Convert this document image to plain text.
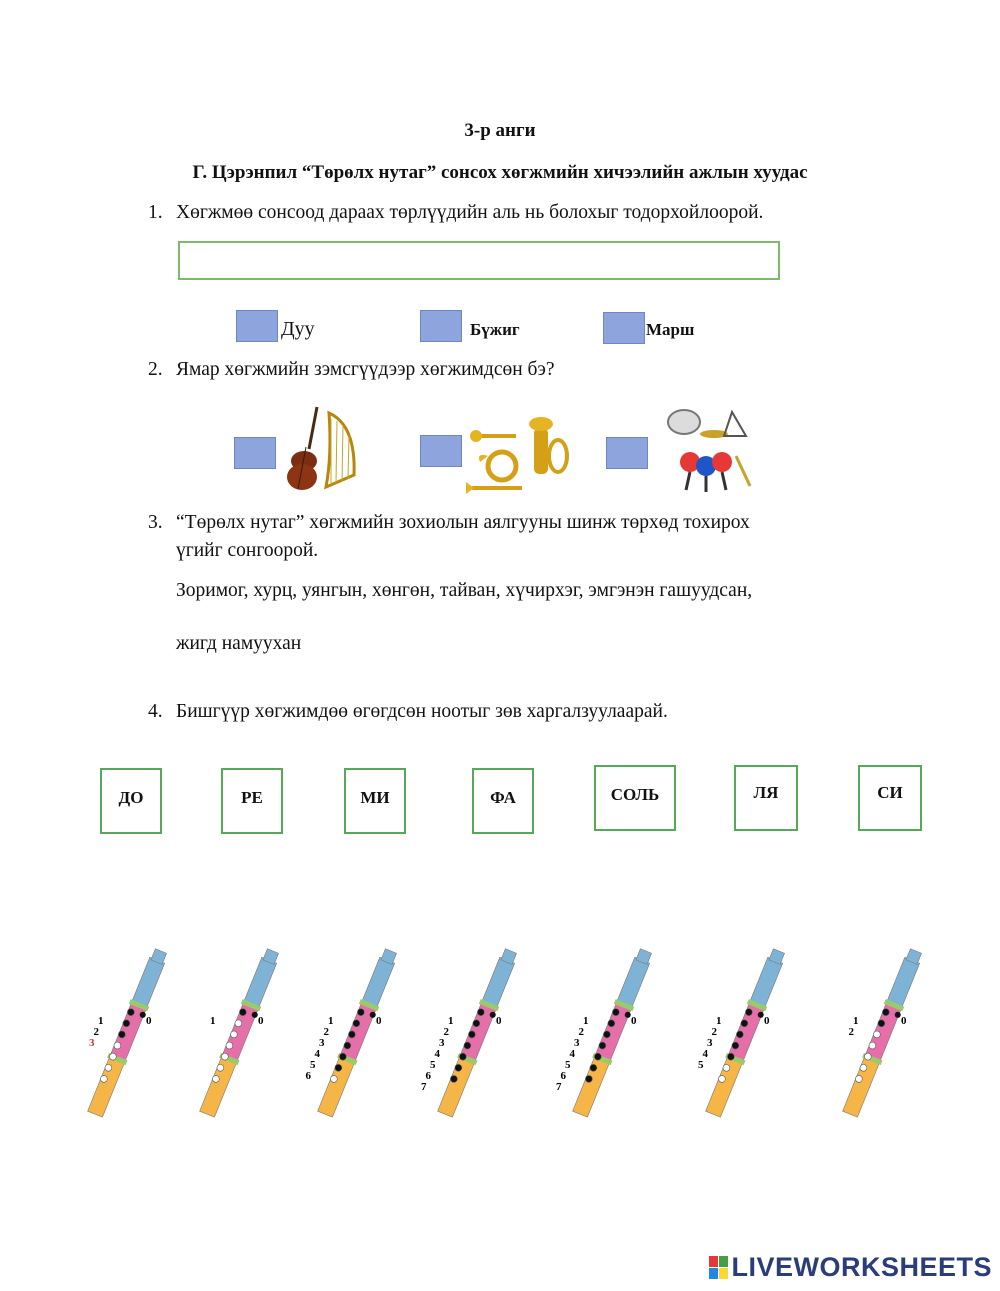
3-р анги
Г. Цэрэнпил “Төрөлх нутаг” сонсох хөгжмийн хичээлийн ажлын хуудас
1. Хөгжмөө сонсоод дараах төрлүүдийн аль нь болохыг тодорхойлоорой.
Дуу	Бүжиг	Марш
2. Ямар хөгжмийн зэмсгүүдээр хөгжимдсөн бэ?
3. “Төрөлх нутаг” хөгжмийн зохиолын аялгууны шинж төрхөд тохирох
үгийг сонгоорой.
Зоримог, хурц, уянгын, хөнгөн, тайван, хүчирхэг, эмгэнэн гашуудсан,
жигд намуухан
4. Бишгүүр хөгжимдөө өгөгдсөн ноотыг зөв харгалзуулаарай.
ДО	РЕ	МИ	ФА	СОЛЬ	ЛЯ	СИ
1
2
3
0	1	0	1
2
3
4
5
6
0	1
2
3
4
5
6
7
0	1
2
3
4
5
6
7
0	1
2
3
4
5
0	1
2
0
LIVEWORKSHEETS
